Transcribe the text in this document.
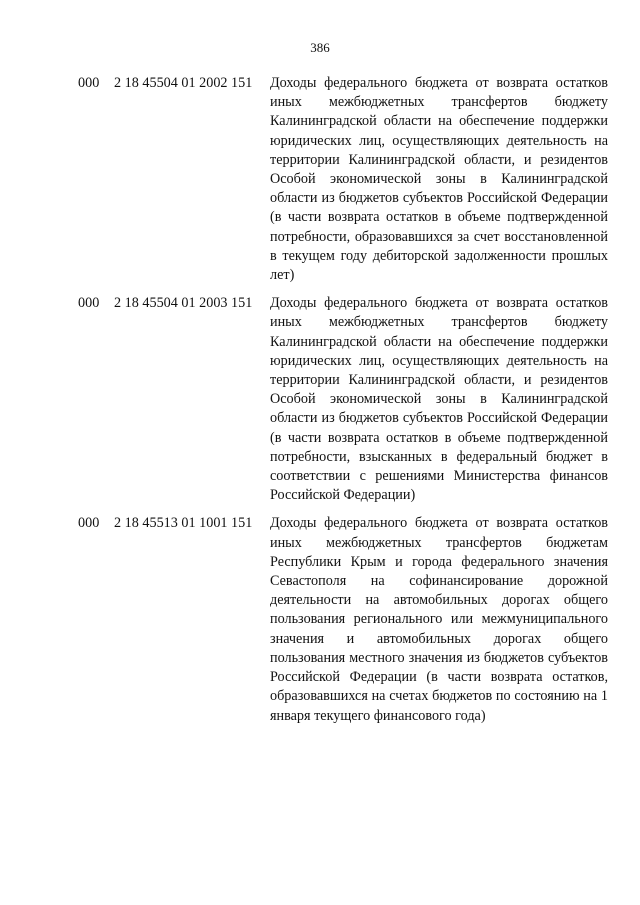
386
000	2 18 45504 01 2002 151	Доходы федерального бюджета от возврата остатков иных межбюджетных трансфертов бюджету Калининградской области на обеспечение поддержки юридических лиц, осуществляющих деятельность на территории Калининградской области, и резидентов Особой экономической зоны в Калининградской области из бюджетов субъектов Российской Федерации (в части возврата остатков в объеме подтвержденной потребности, образовавшихся за счет восстановленной в текущем году дебиторской задолженности прошлых лет)
000	2 18 45504 01 2003 151	Доходы федерального бюджета от возврата остатков иных межбюджетных трансфертов бюджету Калининградской области на обеспечение поддержки юридических лиц, осуществляющих деятельность на территории Калининградской области, и резидентов Особой экономической зоны в Калининградской области из бюджетов субъектов Российской Федерации (в части возврата остатков в объеме подтвержденной потребности, взысканных в федеральный бюджет в соответствии с решениями Министерства финансов Российской Федерации)
000	2 18 45513 01 1001 151	Доходы федерального бюджета от возврата остатков иных межбюджетных трансфертов бюджетам Республики Крым и города федерального значения Севастополя на софинансирование дорожной деятельности на автомобильных дорогах общего пользования регионального или межмуниципального значения и автомобильных дорогах общего пользования местного значения из бюджетов субъектов Российской Федерации (в части возврата остатков, образовавшихся на счетах бюджетов по состоянию на 1 января текущего финансового года)
